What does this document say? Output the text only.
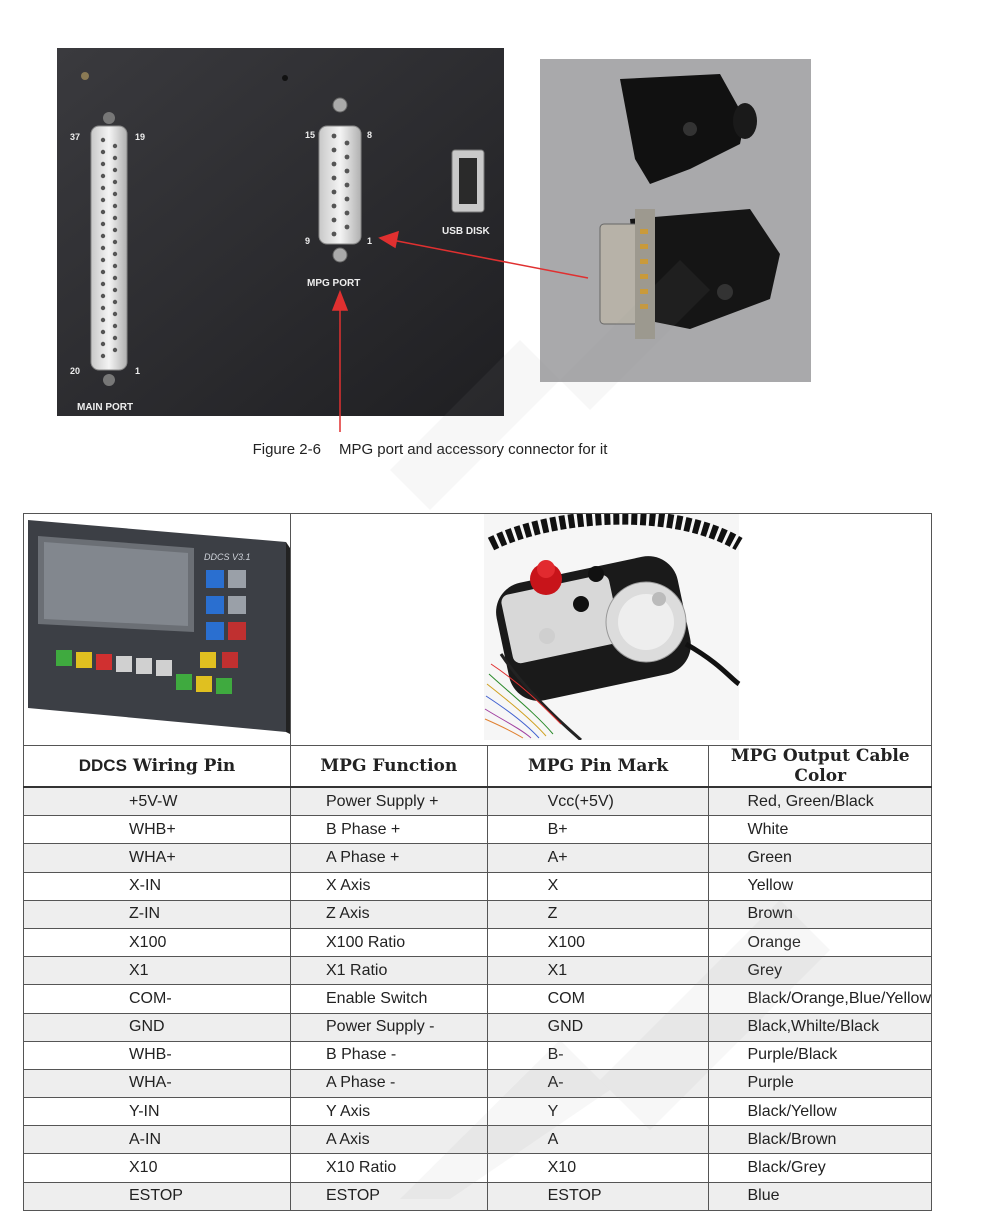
37	19
20	1
MAIN PORT
15	8
9	1
MPG PORT
USB DISK
Figure 2-6 MPG port and accessory connector for it
DDCS V3.1

DDCS Wiring Pin	MPG Function	MPG Pin Mark	MPG Output Cable Color
+5V-W	Power Supply +	Vcc(+5V)	Red, Green/Black
WHB+	B Phase +	B+	White
WHA+	A Phase +	A+	Green
X-IN	X Axis	X	Yellow
Z-IN	Z Axis	Z	Brown
X100	X100 Ratio	X100	Orange
X1	X1 Ratio	X1	Grey
COM-	Enable Switch	COM	Black/Orange,Blue/Yellow
GND	Power Supply -	GND	Black,Whilte/Black
WHB-	B Phase -	B-	Purple/Black
WHA-	A Phase -	A-	Purple
Y-IN	Y Axis	Y	Black/Yellow
A-IN	A Axis	A	Black/Brown
X10	X10 Ratio	X10	Black/Grey
ESTOP	ESTOP	ESTOP	Blue
